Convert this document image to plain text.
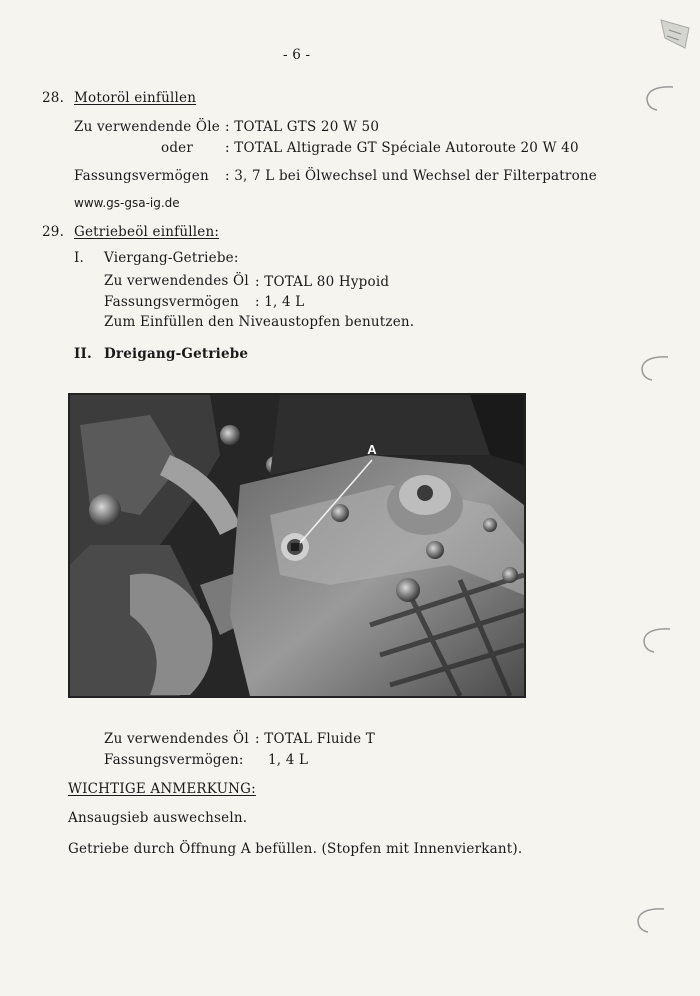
- 6 -
28. Motoröl einfüllen
Zu verwendende Öle : TOTAL GTS 20 W 50
oder : TOTAL Altigrade GT Spéciale Autoroute 20 W 40
Fassungsvermögen : 3, 7 L bei Ölwechsel und Wechsel der Filterpatrone
www.gs-gsa-ig.de
29. Getriebeöl einfüllen:
I. Viergang-Getriebe:
Zu verwendendes Öl : TOTAL 80 Hypoid
Fassungsvermögen : 1, 4 L
Zum Einfüllen den Niveaustopfen benutzen.
II. Dreigang-Getriebe
A
Zu verwendendes Öl : TOTAL Fluide T
Fassungsvermögen: 1, 4 L
WICHTIGE ANMERKUNG:
Ansaugsieb auswechseln.
Getriebe durch Öffnung A befüllen. (Stopfen mit Innenvierkant).
